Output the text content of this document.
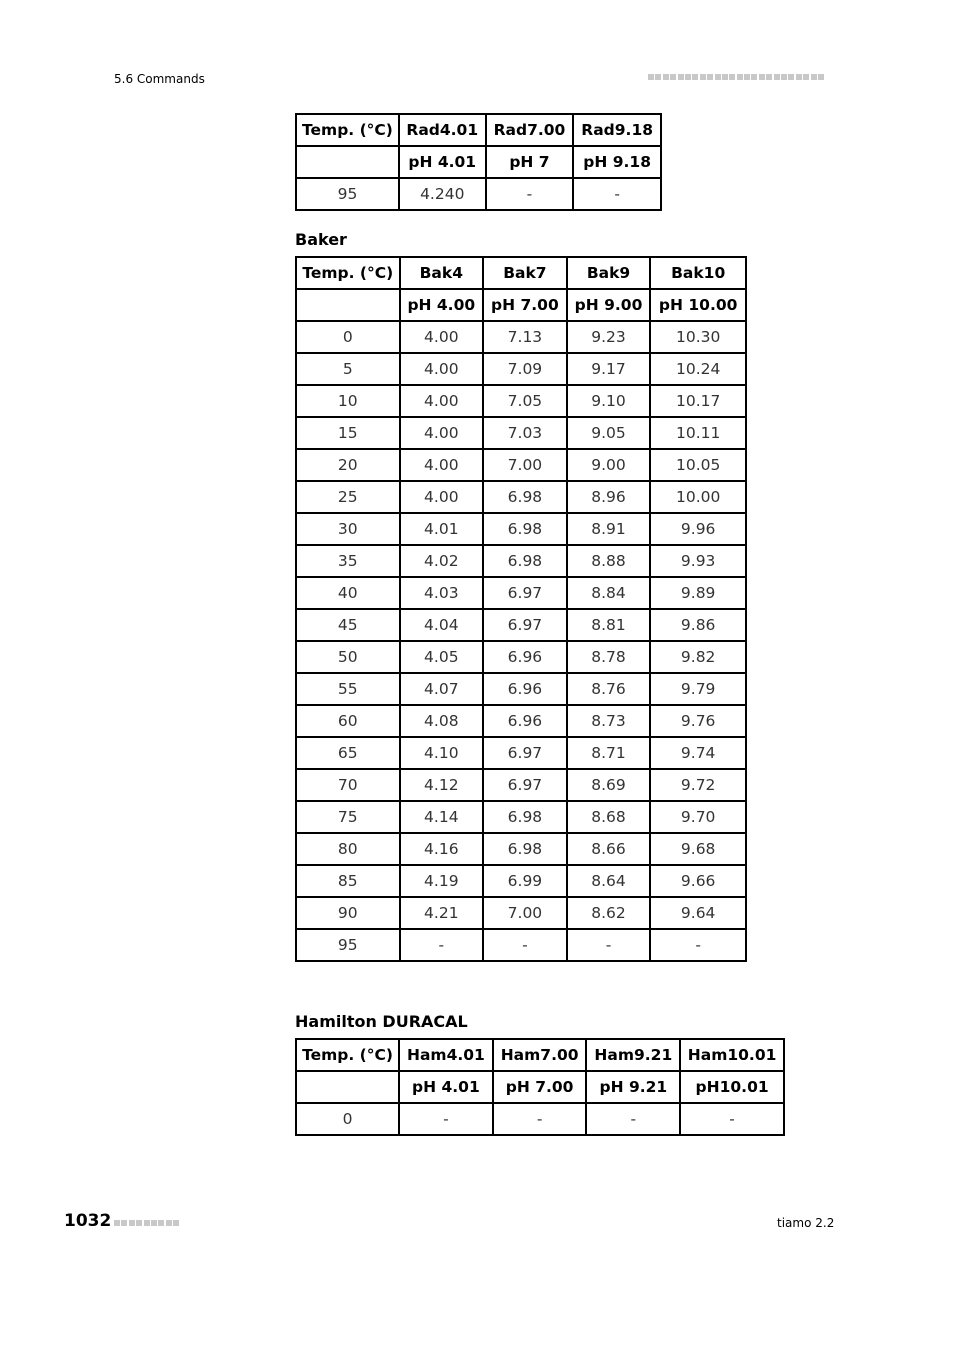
5.6 Commands
Temp. (°C)	Rad4.01	Rad7.00	Rad9.18
	pH 4.01	pH 7	pH 9.18
95	4.240	-	-
Baker
Temp. (°C)	Bak4	Bak7	Bak9	Bak10
	pH 4.00	pH 7.00	pH 9.00	pH 10.00
0	4.00	7.13	9.23	10.30
5	4.00	7.09	9.17	10.24
10	4.00	7.05	9.10	10.17
15	4.00	7.03	9.05	10.11
20	4.00	7.00	9.00	10.05
25	4.00	6.98	8.96	10.00
30	4.01	6.98	8.91	9.96
35	4.02	6.98	8.88	9.93
40	4.03	6.97	8.84	9.89
45	4.04	6.97	8.81	9.86
50	4.05	6.96	8.78	9.82
55	4.07	6.96	8.76	9.79
60	4.08	6.96	8.73	9.76
65	4.10	6.97	8.71	9.74
70	4.12	6.97	8.69	9.72
75	4.14	6.98	8.68	9.70
80	4.16	6.98	8.66	9.68
85	4.19	6.99	8.64	9.66
90	4.21	7.00	8.62	9.64
95	-	-	-	-
Hamilton DURACAL
Temp. (°C)	Ham4.01	Ham7.00	Ham9.21	Ham10.01
	pH 4.01	pH 7.00	pH 9.21	pH10.01
0	-	-	-	-
1032	tiamo 2.2
